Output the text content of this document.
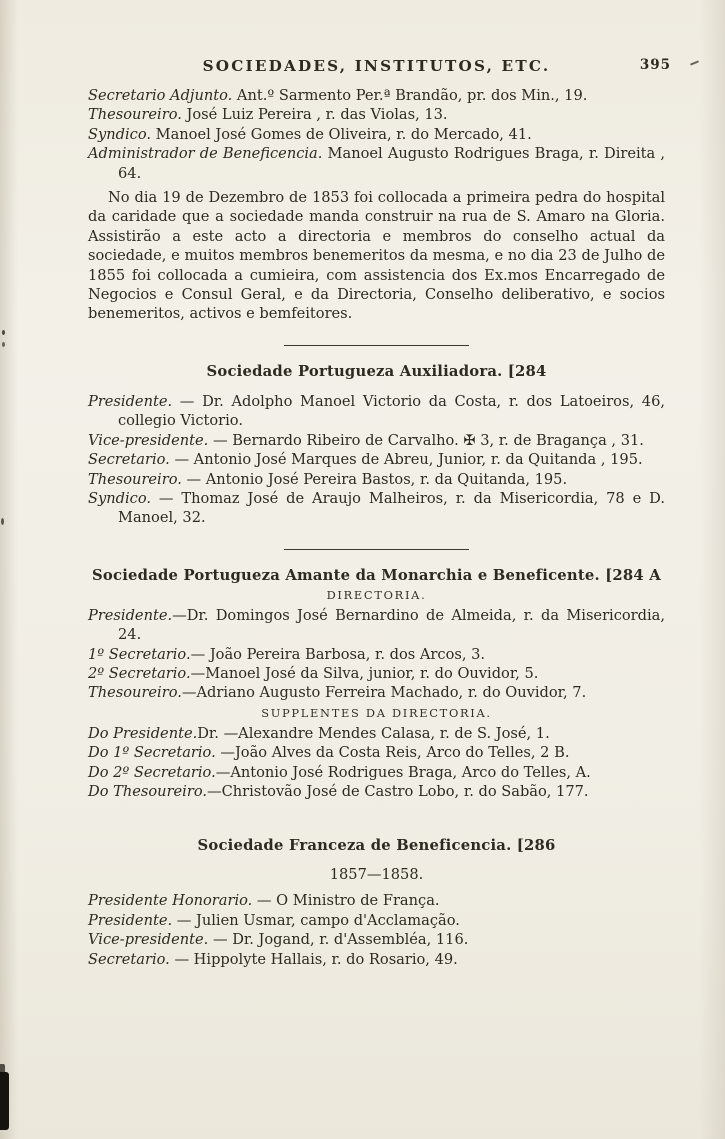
SOCIEDADES, INSTITUTOS, ETC.	395

Secretario Adjunto. Ant.º Sarmento Per.ª Brandão, pr. dos Min., 19.

Thesoureiro. José Luiz Pereira , r. das Violas, 13.

Syndico. Manoel José Gomes de Oliveira, r. do Mercado, 41.

Administrador de Beneficencia. Manoel Augusto Rodrigues Braga, r. Direita , 64.

No dia 19 de Dezembro de 1853 foi collocada a primeira pedra do hospital da caridade que a sociedade manda construir na rua de S. Amaro na Gloria. Assistirão a este acto a directoria e membros do conselho actual da sociedade, e muitos membros benemeritos da mesma, e no dia 23 de Julho de 1855 foi collocada a cumieira, com assistencia dos Ex.mos Encarregado de Negocios e Consul Geral, e da Directoria, Conselho deliberativo, e socios benemeritos, activos e bemfeitores.

Sociedade Portugueza Auxiliadora. [284

Presidente. — Dr. Adolpho Manoel Victorio da Costa, r. dos Latoeiros, 46, collegio Victorio.

Vice-presidente. — Bernardo Ribeiro de Carvalho. ✠ 3, r. de Bragança , 31.

Secretario. — Antonio José Marques de Abreu, Junior, r. da Quitanda , 195.

Thesoureiro. — Antonio José Pereira Bastos, r. da Quitanda, 195.

Syndico. — Thomaz José de Araujo Malheiros, r. da Misericordia, 78 e D. Manoel, 32.

Sociedade Portugueza Amante da Monarchia e Beneficente. [284 A
DIRECTORIA.

Presidente.—Dr. Domingos José Bernardino de Almeida, r. da Misericordia, 24.

1º Secretario.— João Pereira Barbosa, r. dos Arcos, 3.

2º Secretario.—Manoel José da Silva, junior, r. do Ouvidor, 5.

Thesoureiro.—Adriano Augusto Ferreira Machado, r. do Ouvidor, 7.

SUPPLENTES DA DIRECTORIA.

Do Presidente.Dr. —Alexandre Mendes Calasa, r. de S. José, 1.

Do 1º Secretario. —João Alves da Costa Reis, Arco do Telles, 2 B.

Do 2º Secretario.—Antonio José Rodrigues Braga, Arco do Telles, A.

Do Thesoureiro.—Christovão José de Castro Lobo, r. do Sabão, 177.

Sociedade Franceza de Beneficencia. [286
1857—1858.

Presidente Honorario. — O Ministro de França.

Presidente. — Julien Usmar, campo d'Acclamação.

Vice-presidente. — Dr. Jogand, r. d'Assembléa, 116.

Secretario. — Hippolyte Hallais, r. do Rosario, 49.
